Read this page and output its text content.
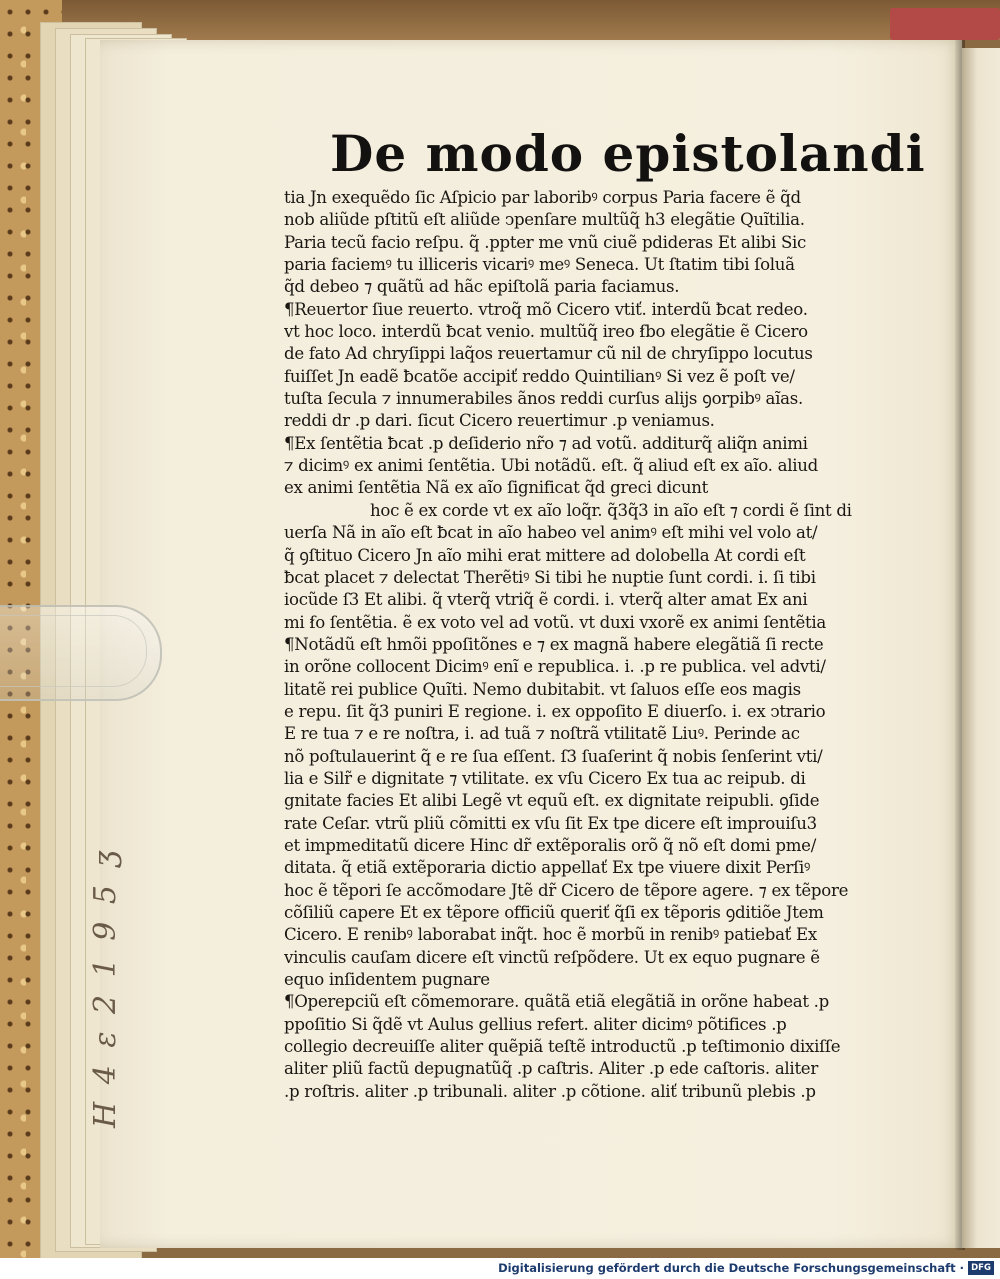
H 4 ɛ 2 1 9 5 ʒ
De modo epistolandi
tia Jn exequẽdo ſic Aſpicio par laboribꝰ corpus Paria facere ẽ q̃d
nob aliũde pſtitũ eſt aliũde ↄpenſare multũq̃ h3 elegãtie Quĩtilia.
Paria tecũ facio reſpu. q̃ .ppter me vnũ ciuẽ pdideras Et alibi Sic
paria faciemꝰ tu illiceris vicariꝰ meꝰ Seneca. Ut ſtatim tibi ſoluã
q̃d debeo ⁊ quãtũ ad hãc epiſtolã paria faciamus.
¶Reuertor ſiue reuerto. vtroq̃ mõ Cicero vtiť. interdũ ƀcat redeo.
vt hoc loco. interdũ ƀcat venio. multũq̃ ireo ẜbo elegãtie ẽ Cicero
de fato Ad chryſippi laq̃os reuertamur cũ nil de chryſippo locutus
fuiſſet Jn eadẽ ƀcatõe accipiť reddo Quintilianꝰ Si vez ẽ poſt ve/
tuſta ſecula ⁊ innumerabiles ãnos reddi curſus alijs ꝯorpibꝰ aĩas.
reddi dr .p dari. ſicut Cicero reuertimur .p veniamus.
¶Ex ſentẽtia ƀcat .p deſiderio nr̃o ⁊ ad votũ. additurq̃ aliq̃n animi
⁊ dicimꝰ ex animi ſentẽtia. Ubi notãdũ. eſt. q̃ aliud eſt ex aĩo. aliud
ex animi ſentẽtia Nã ex aĩo ſignificat q̃d greci dicunt
hoc ẽ ex corde vt ex aĩo loq̃r. q̃3q̃3 in aĩo eſt ⁊ cordi ẽ ſint di
uerſa Nã in aĩo eſt ƀcat in aĩo habeo vel animꝰ eſt mihi vel volo at/
q̃ ꝯſtituo Cicero Jn aĩo mihi erat mittere ad dolobella At cordi eſt
ƀcat placet ⁊ delectat Therẽtiꝰ Si tibi he nuptie ſunt cordi. i. ſi tibi
iocũde ſ3 Et alibi. q̃ vterq̃ vtriq̃ ẽ cordi. i. vterq̃ alter amat Ex ani
mi ẜo ſentẽtia. ẽ ex voto vel ad votũ. vt duxi vxorẽ ex animi ſentẽtia
¶Notãdũ eſt hmõi ppoſitõnes e ⁊ ex magnã habere elegãtiã ſi recte
in orõne collocent Dicimꝰ enĩ e republica. i. .p re publica. vel advti/
litatẽ rei publice Quĩti. Nemo dubitabit. vt ſaluos eſſe eos magis
e repu. ſit q̃3 puniri E regione. i. ex oppoſito E diuerſo. i. ex ↄtrario
E re tua ⁊ e re noſtra, i. ad tuã ⁊ noſtrã vtilitatẽ Liuꝰ. Perinde ac
nõ poſtulauerint q̃ e re ſua eſſent. ſ3 ſuaſerint q̃ nobis ſenſerint vti/
lia e Silr̃ e dignitate ⁊ vtilitate. ex vſu Cicero Ex tua ac reipub. di
gnitate facies Et alibi Legẽ vt equũ eſt. ex dignitate reipubli. ꝯſide
rate Ceſar. vtrũ pliũ cõmitti ex vſu ſit Ex tpe dicere eſt improuiſu3
et impmeditatũ dicere Hinc dr̃ extẽporalis orõ q̃ nõ eſt domi pme/
ditata. q̃ etiã extẽporaria dictio appellať Ex tpe viuere dixit Perſiꝰ
hoc ẽ tẽpori ſe accõmodare Jtẽ dr̃ Cicero de tẽpore agere. ⁊ ex tẽpore
cõſiliũ capere Et ex tẽpore officiũ queriť q̃ſi ex tẽporis ꝯditiõe Jtem
Cicero. E renibꝰ laborabat inq̃t. hoc ẽ morbũ in renibꝰ patiebať Ex
vinculis cauſam dicere eſt vinctũ reſpõdere. Ut ex equo pugnare ẽ
equo inſidentem pugnare
¶Operepciũ eſt cõmemorare. quãtã etiã elegãtiã in orõne habeat .p
ppoſitio Si q̃dẽ vt Aulus gellius refert. aliter dicimꝰ põtifices .p
collegio decreuiſſe aliter quẽpiã teſtẽ introductũ .p teſtimonio dixiſſe
aliter pliũ factũ depugnatũq̃ .p caſtris. Aliter .p ede caſtoris. aliter
.p roſtris. aliter .p tribunali. aliter .p cõtione. aliť tribunũ plebis .p
Digitalisierung gefördert durch die Deutsche Forschungsgemeinschaft · DFG
